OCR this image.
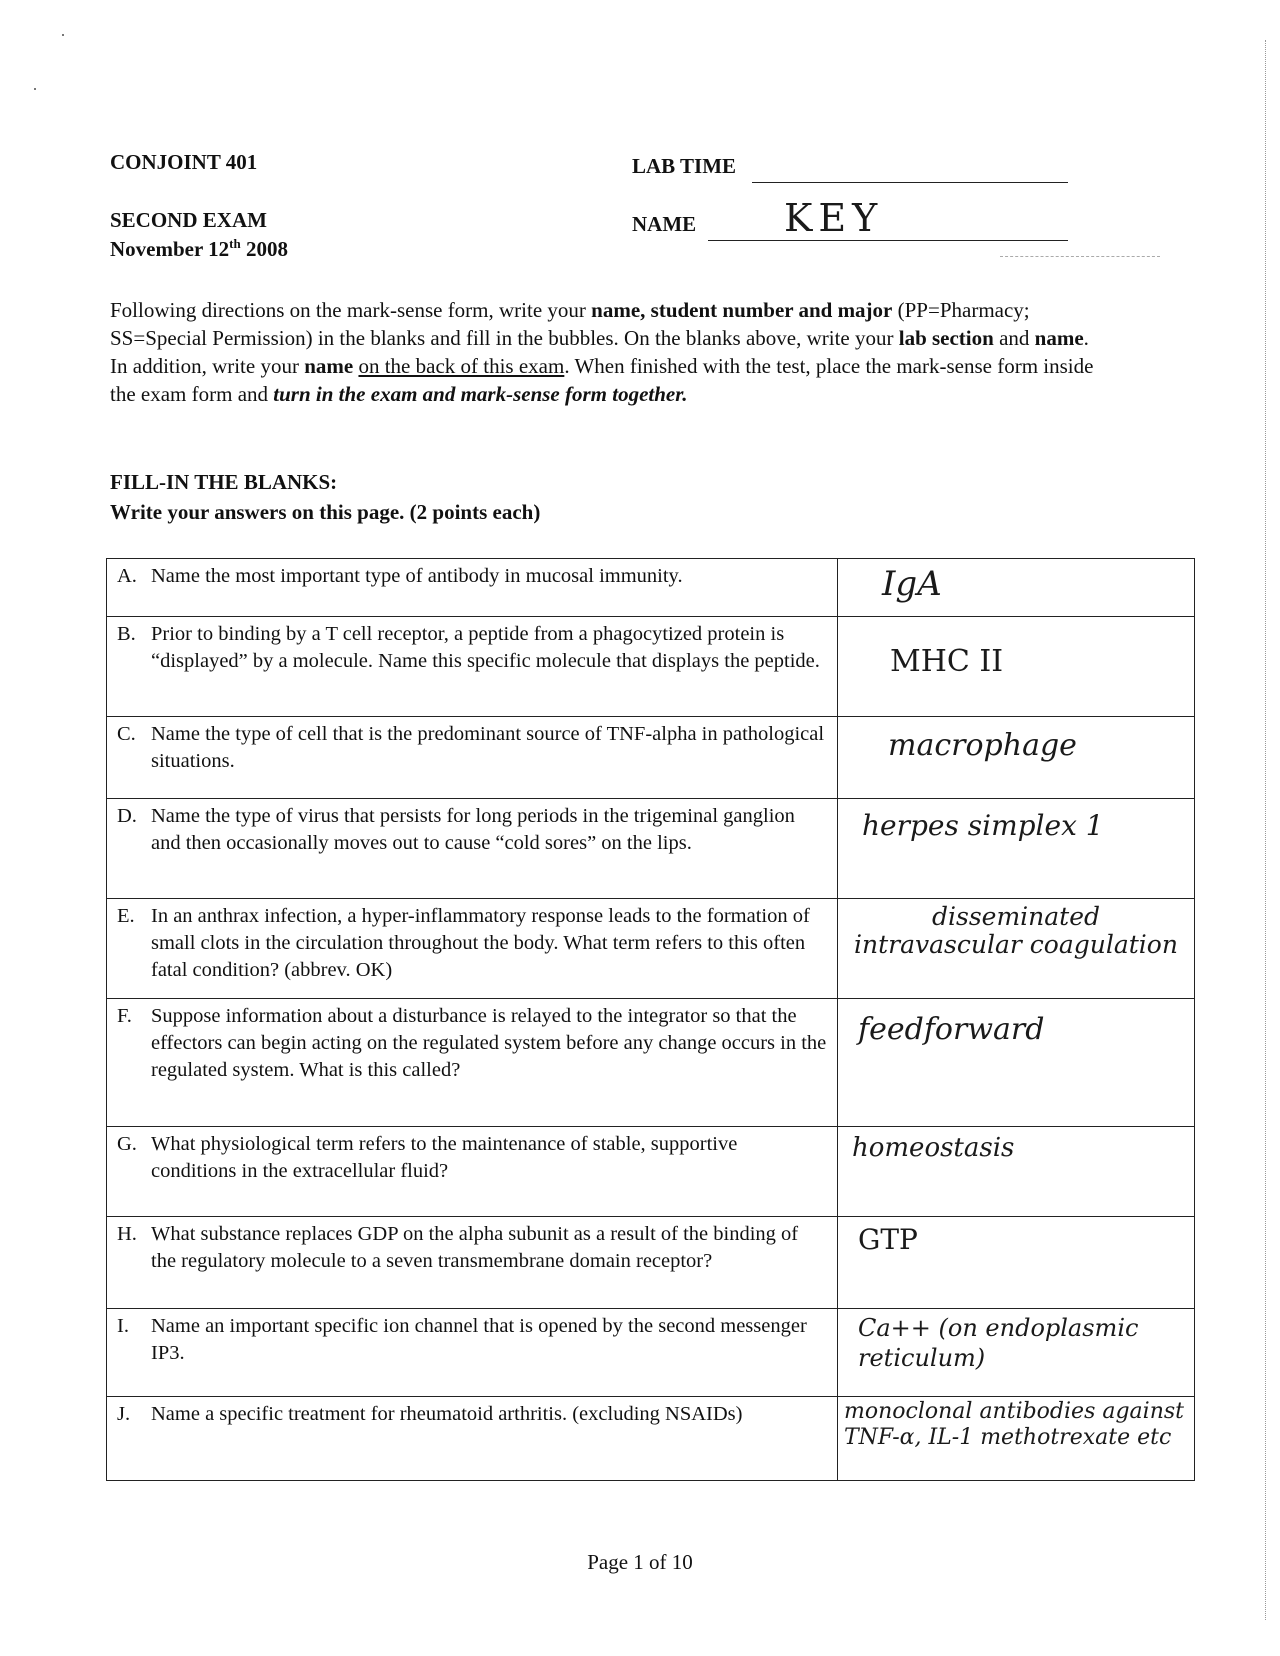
CONJOINT 401
SECOND EXAM
November 12th 2008
LAB TIME
NAME KEY
Following directions on the mark-sense form, write your name, student number and major (PP=Pharmacy; SS=Special Permission) in the blanks and fill in the bubbles. On the blanks above, write your lab section and name. In addition, write your name on the back of this exam. When finished with the test, place the mark-sense form inside the exam form and turn in the exam and mark-sense form together.
FILL-IN THE BLANKS:
Write your answers on this page. (2 points each)
A. Name the most important type of antibody in mucosal immunity.	IgA

B. Prior to binding by a T cell receptor, a peptide from a phagocytized protein is “displayed” by a molecule. Name this specific molecule that displays the peptide.	MHC II

C. Name the type of cell that is the predominant source of TNF-alpha in pathological situations.	macrophage

D. Name the type of virus that persists for long periods in the trigeminal ganglion and then occasionally moves out to cause “cold sores” on the lips.	herpes simplex 1

E. In an anthrax infection, a hyper-inflammatory response leads to the formation of small clots in the circulation throughout the body. What term refers to this often fatal condition? (abbrev. OK)	disseminated intravascular coagulation

F. Suppose information about a disturbance is relayed to the integrator so that the effectors can begin acting on the regulated system before any change occurs in the regulated system. What is this called?	feedforward

G. What physiological term refers to the maintenance of stable, supportive conditions in the extracellular fluid?	homeostasis

H. What substance replaces GDP on the alpha subunit as a result of the binding of the regulatory molecule to a seven transmembrane domain receptor?	GTP

I. Name an important specific ion channel that is opened by the second messenger IP3.	Ca++ (on endoplasmic reticulum)

J. Name a specific treatment for rheumatoid arthritis. (excluding NSAIDs)	monoclonal antibodies against TNF-α, IL-1 methotrexate etc
Page 1 of 10
